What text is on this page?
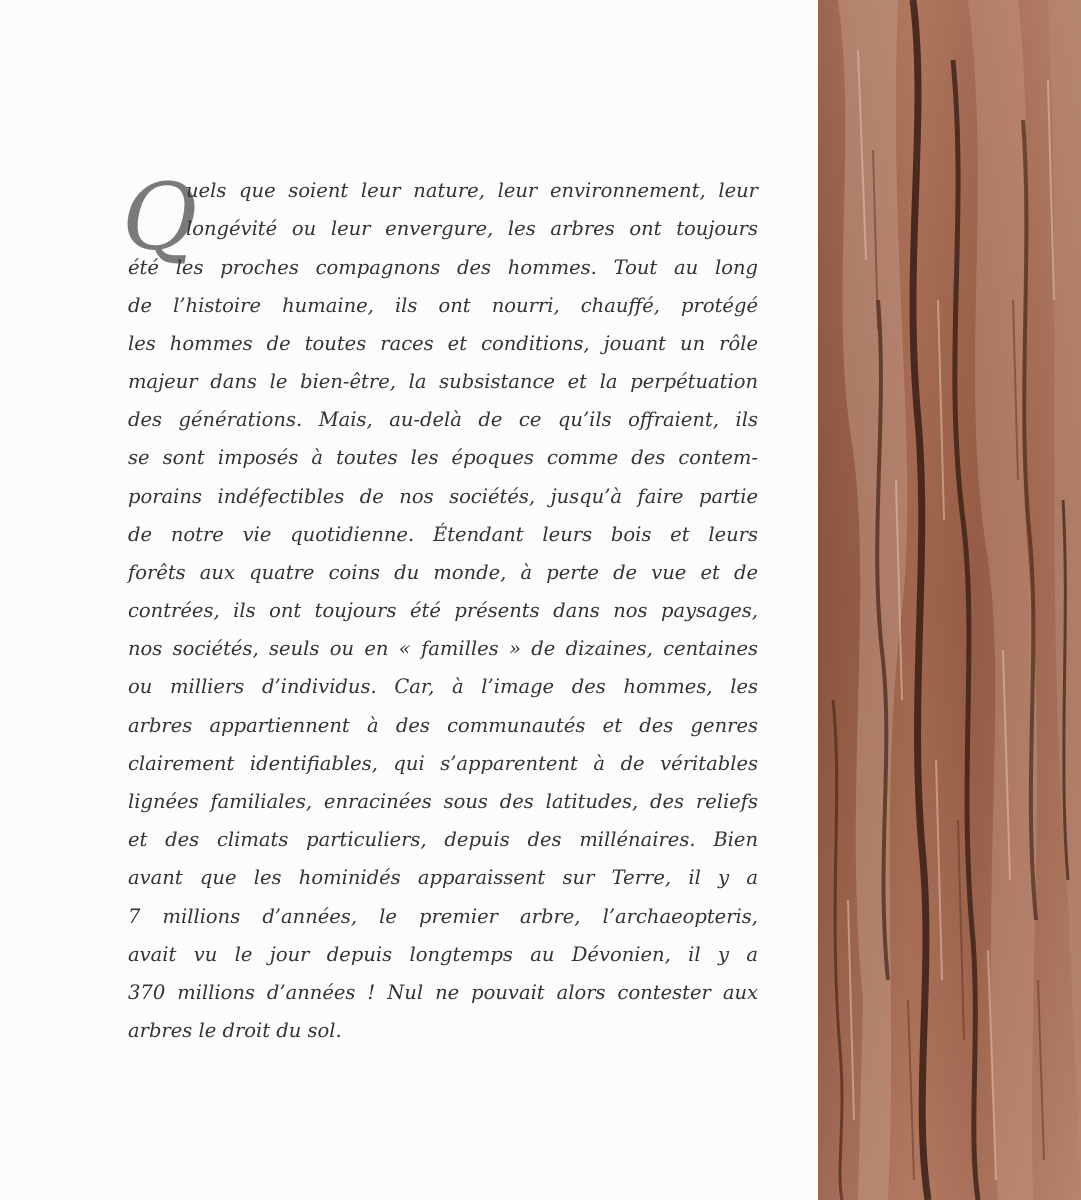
Q
uels que soient leur nature, leur environnement, leur
longévité ou leur envergure, les arbres ont toujours
été les proches compagnons des hommes. Tout au long
de l’histoire humaine, ils ont nourri, chauffé, protégé
les hommes de toutes races et conditions, jouant un rôle
majeur dans le bien-être, la subsistance et la perpétuation
des générations. Mais, au-delà de ce qu’ils offraient, ils
se sont imposés à toutes les époques comme des contem-
porains indéfectibles de nos sociétés, jusqu’à faire partie
de notre vie quotidienne. Étendant leurs bois et leurs
forêts aux quatre coins du monde, à perte de vue et de
contrées, ils ont toujours été présents dans nos paysages,
nos sociétés, seuls ou en « familles » de dizaines, centaines
ou milliers d’individus. Car, à l’image des hommes, les
arbres appartiennent à des communautés et des genres
clairement identifiables, qui s’apparentent à de véritables
lignées familiales, enracinées sous des latitudes, des reliefs
et des climats particuliers, depuis des millénaires. Bien
avant que les hominidés apparaissent sur Terre, il y a
7 millions d’années, le premier arbre, l’archaeopteris,
avait vu le jour depuis longtemps au Dévonien, il y a
370 millions d’années ! Nul ne pouvait alors contester aux
arbres le droit du sol.
